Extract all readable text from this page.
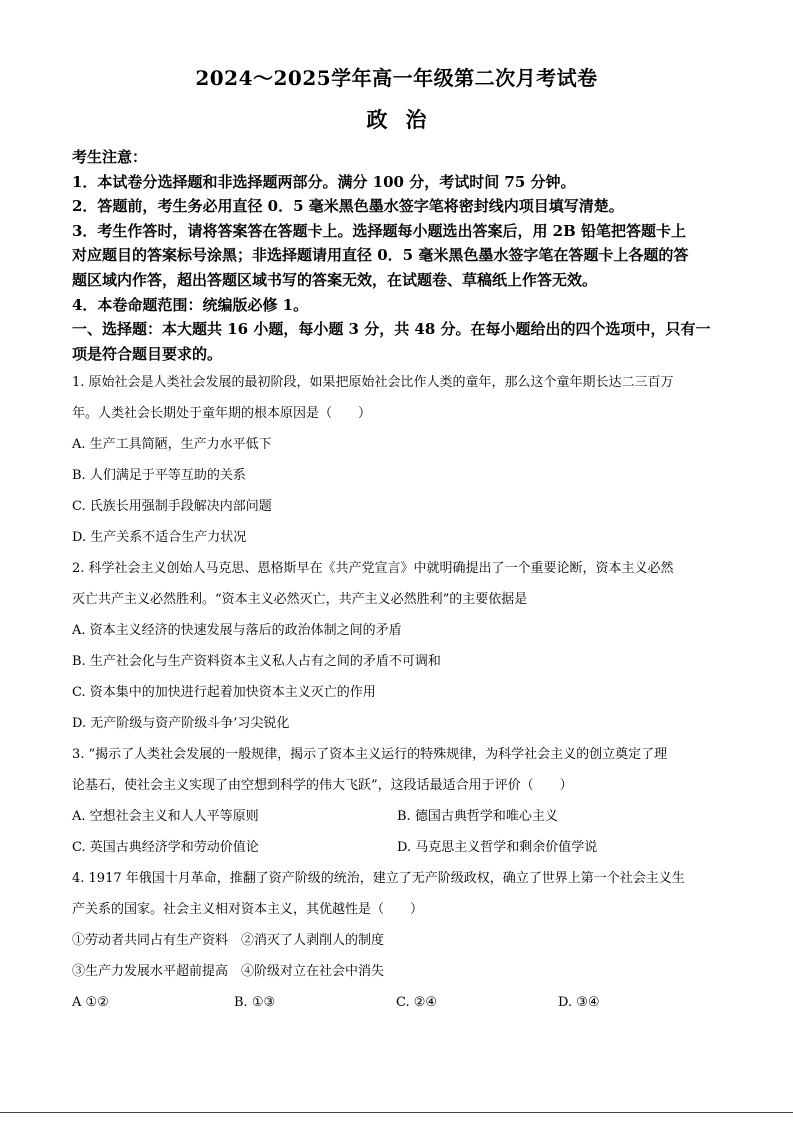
2024～2025学年高一年级第二次月考试卷
政治
考生注意：
1．本试卷分选择题和非选择题两部分。满分 100 分，考试时间 75 分钟。
2．答题前，考生务必用直径 0．5 毫米黑色墨水签字笔将密封线内项目填写清楚。
3．考生作答时，请将答案答在答题卡上。选择题每小题选出答案后，用 2B 铅笔把答题卡上
对应题目的答案标号涂黑；非选择题请用直径 0．5 毫米黑色墨水签字笔在答题卡上各题的答
题区域内作答，超出答题区域书写的答案无效，在试题卷、草稿纸上作答无效。
4．本卷命题范围：统编版必修 1。
一、选择题：本大题共 16 小题，每小题 3 分，共 48 分。在每小题给出的四个选项中，只有一
项是符合题目要求的。
1. 原始社会是人类社会发展的最初阶段，如果把原始社会比作人类的童年，那么这个童年期长达二三百万
年。人类社会长期处于童年期的根本原因是（　　）
A. 生产工具简陋，生产力水平低下
B. 人们满足于平等互助的关系
C. 氏族长用强制手段解决内部问题
D. 生产关系不适合生产力状况
2. 科学社会主义创始人马克思、恩格斯早在《共产党宣言》中就明确提出了一个重要论断，资本主义必然
灭亡共产主义必然胜利。“资本主义必然灭亡，共产主义必然胜利”的主要依据是
A. 资本主义经济的快速发展与落后的政治体制之间的矛盾
B. 生产社会化与生产资料资本主义私人占有之间的矛盾不可调和
C. 资本集中的加快进行起着加快资本主义灭亡的作用
D. 无产阶级与资产阶级斗争’习尖锐化
3. “揭示了人类社会发展的一般规律，揭示了资本主义运行的特殊规律，为科学社会主义的创立奠定了理
论基石，使社会主义实现了由空想到科学的伟大飞跃”，这段话最适合用于评价（　　）
A. 空想社会主义和人人平等原则	B. 德国古典哲学和唯心主义
C. 英国古典经济学和劳动价值论	D. 马克思主义哲学和剩余价值学说
4. 1917 年俄国十月革命，推翻了资产阶级的统治，建立了无产阶级政权，确立了世界上第一个社会主义生
产关系的国家。社会主义相对资本主义，其优越性是（　　）
①劳动者共同占有生产资料　②消灭了人剥削人的制度
③生产力发展水平超前提高　④阶级对立在社会中消失
A ①②	B. ①③	C. ②④	D. ③④
